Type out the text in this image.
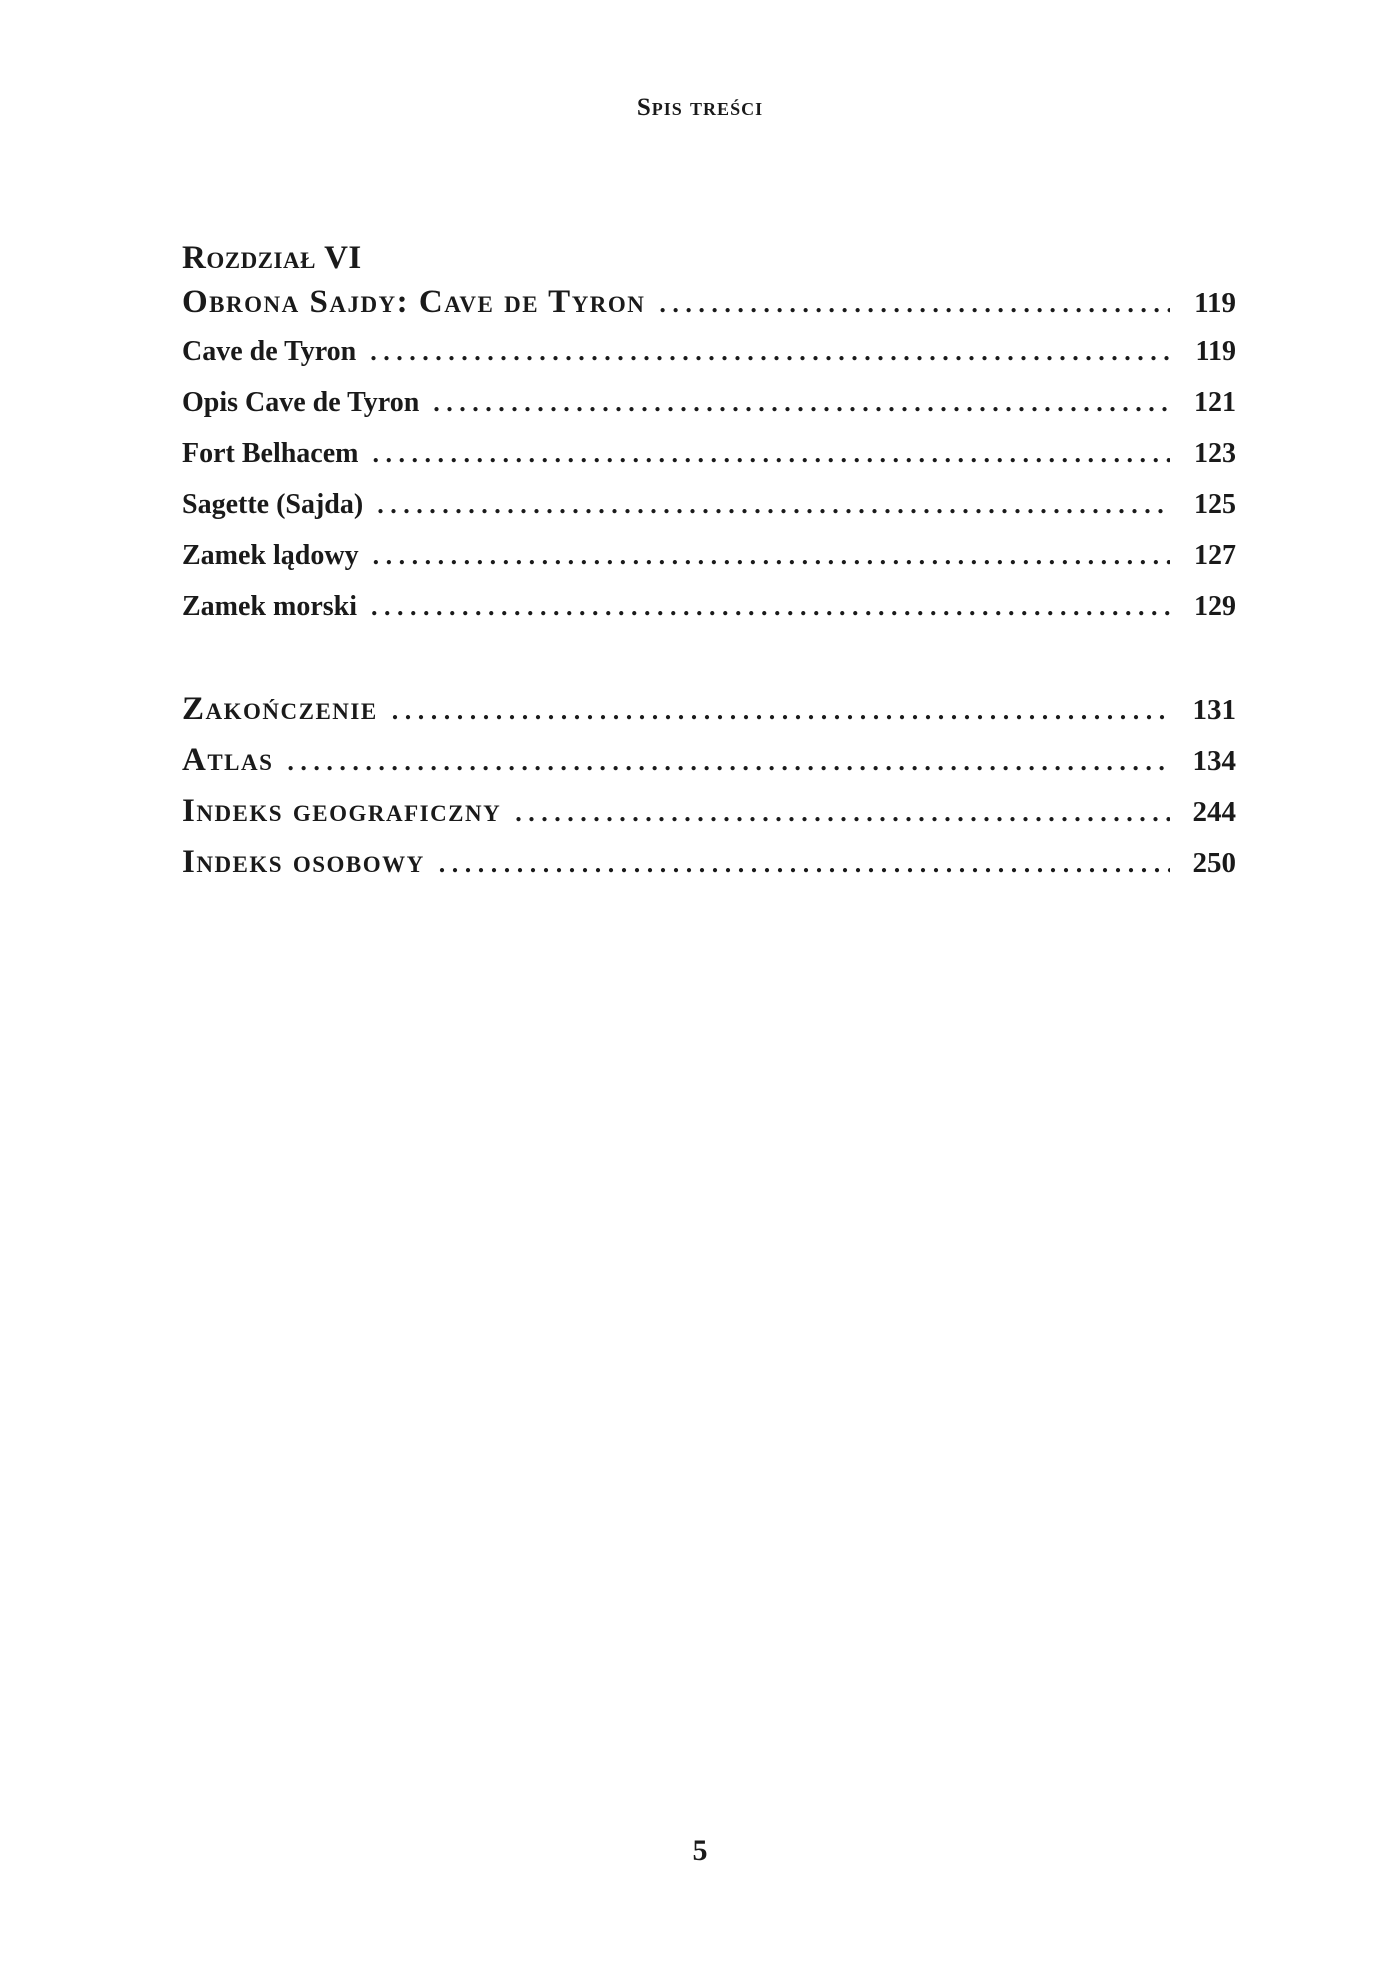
Spis treści
Rozdział VI
Obrona Sajdy: Cave de Tyron . . .	119
Cave de Tyron . . .	119
Opis Cave de Tyron . . .	121
Fort Belhacem . . .	123
Sagette (Sajda) . . .	125
Zamek lądowy . . .	127
Zamek morski . . .	129
Zakończenie . . .	131
Atlas . . .	134
Indeks geograficzny . . .	244
Indeks osobowy . . .	250
5
